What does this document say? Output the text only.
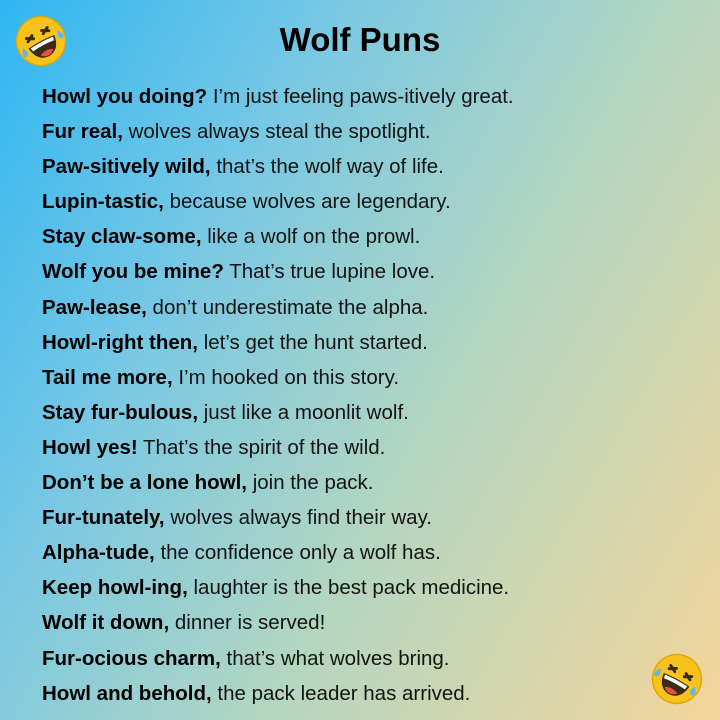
Wolf Puns
Howl you doing? I’m just feeling paws-itively great.
Fur real, wolves always steal the spotlight.
Paw-sitively wild, that’s the wolf way of life.
Lupin-tastic, because wolves are legendary.
Stay claw-some, like a wolf on the prowl.
Wolf you be mine? That’s true lupine love.
Paw-lease, don’t underestimate the alpha.
Howl-right then, let’s get the hunt started.
Tail me more, I’m hooked on this story.
Stay fur-bulous, just like a moonlit wolf.
Howl yes! That’s the spirit of the wild.
Don’t be a lone howl, join the pack.
Fur-tunately, wolves always find their way.
Alpha-tude, the confidence only a wolf has.
Keep howl-ing, laughter is the best pack medicine.
Wolf it down, dinner is served!
Fur-ocious charm, that’s what wolves bring.
Howl and behold, the pack leader has arrived.
